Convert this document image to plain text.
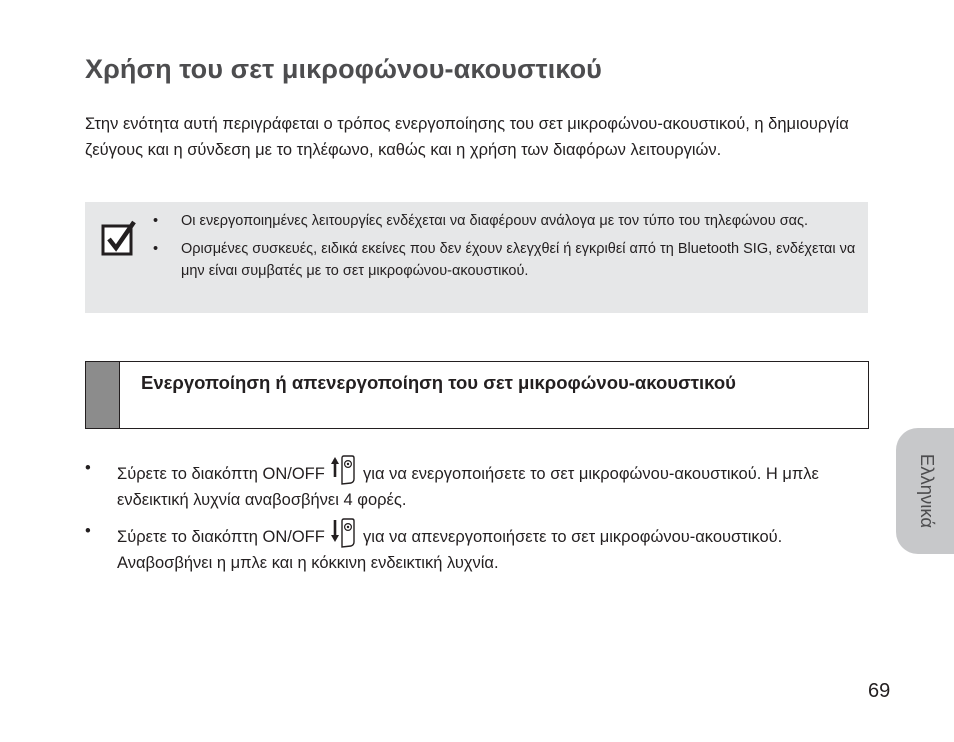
Χρήση του σετ μικροφώνου-ακουστικού

Στην ενότητα αυτή περιγράφεται ο τρόπος ενεργοποίησης του σετ μικροφώνου-ακουστικού, η δημιουργία ζεύγους και η σύνδεση με το τηλέφωνο, καθώς και η χρήση των διαφόρων λειτουργιών.

• Οι ενεργοποιημένες λειτουργίες ενδέχεται να διαφέρουν ανάλογα με τον τύπο του τηλεφώνου σας.
• Ορισμένες συσκευές, ειδικά εκείνες που δεν έχουν ελεγχθεί ή εγκριθεί από τη Bluetooth SIG, ενδέχεται να μην είναι συμβατές με το σετ μικροφώνου-ακουστικού.
Ενεργοποίηση ή απενεργοποίηση του σετ μικροφώνου-ακουστικού
• Σύρετε το διακόπτη ON/OFF για να ενεργοποιήσετε το σετ μικροφώνου-ακουστικού. Η μπλε ενδεικτική λυχνία αναβοσβήνει 4 φορές.
• Σύρετε το διακόπτη ON/OFF για να απενεργοποιήσετε το σετ μικροφώνου-ακουστικού. Αναβοσβήνει η μπλε και η κόκκινη ενδεικτική λυχνία.
Ελληνικά
69
